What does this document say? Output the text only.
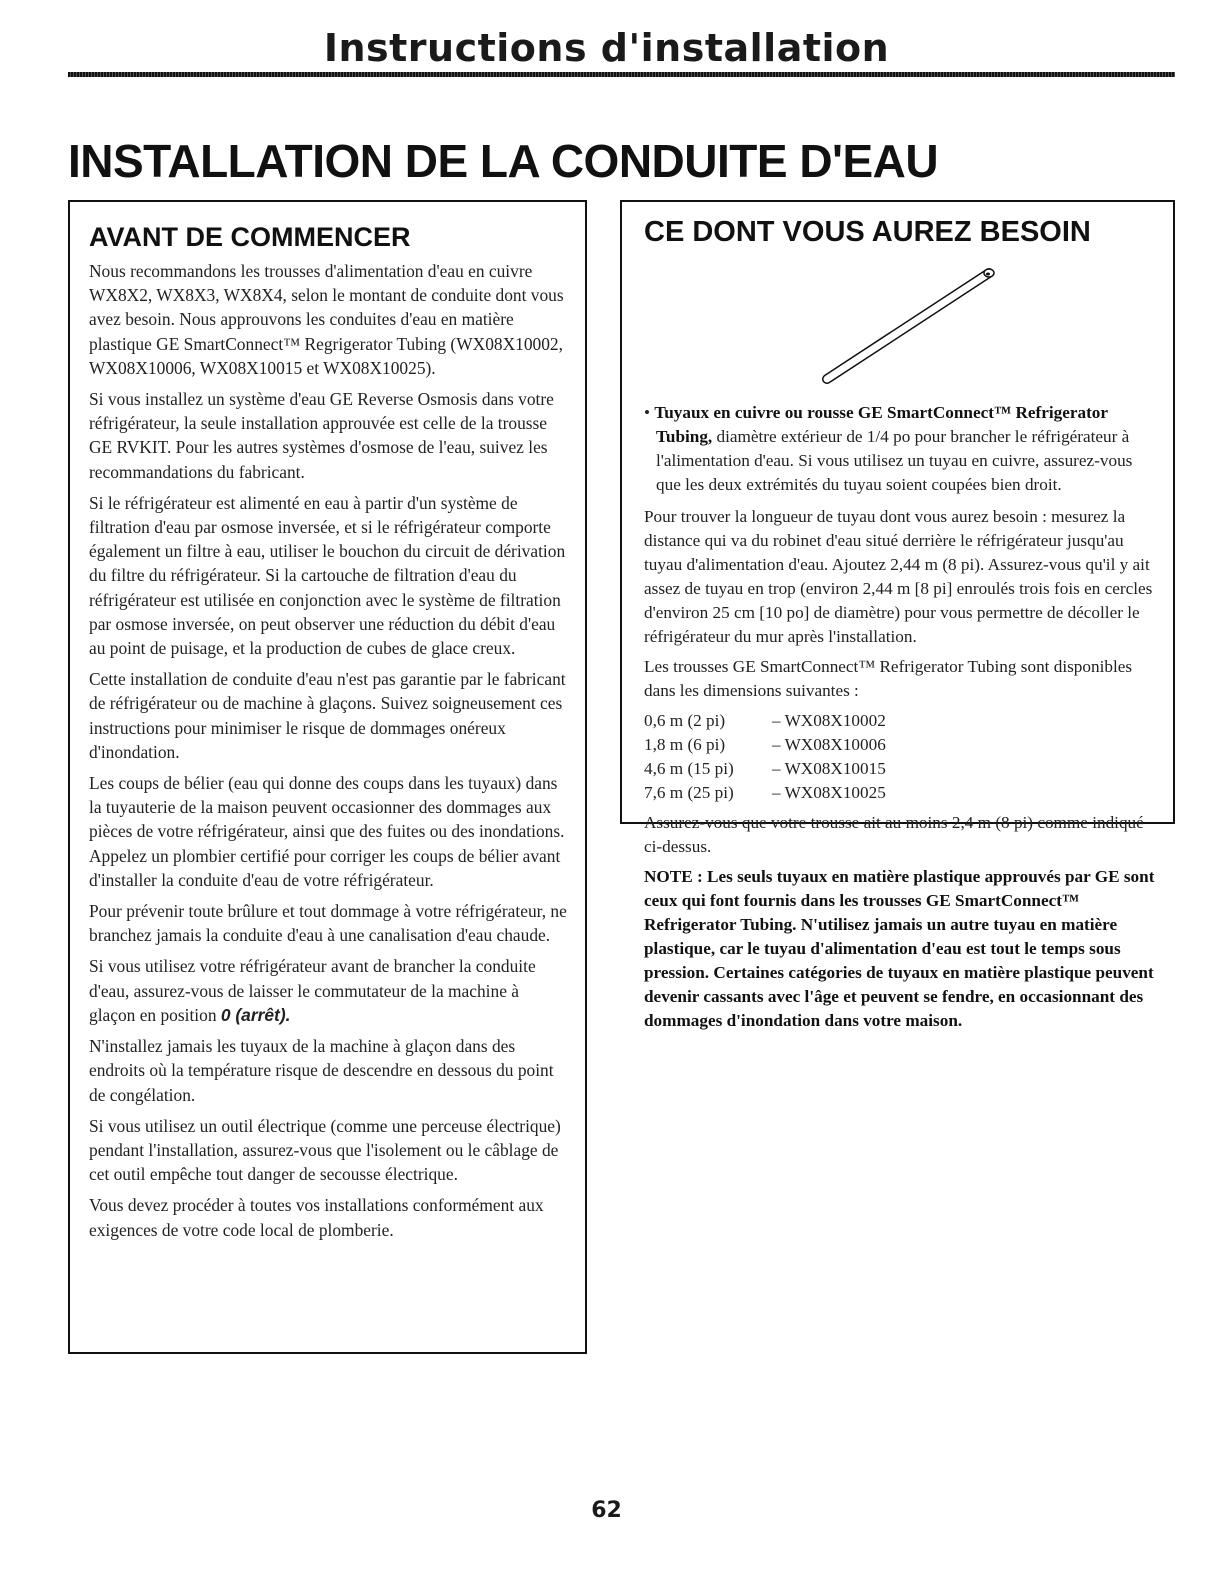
Instructions d'installation
INSTALLATION DE LA CONDUITE D'EAU
AVANT DE COMMENCER

Nous recommandons les trousses d'alimentation d'eau en cuivre WX8X2, WX8X3, WX8X4, selon le montant de conduite dont vous avez besoin. Nous approuvons les conduites d'eau en matière plastique GE SmartConnect™ Regrigerator Tubing (WX08X10002, WX08X10006, WX08X10015 et WX08X10025).

Si vous installez un système d'eau GE Reverse Osmosis dans votre réfrigérateur, la seule installation approuvée est celle de la trousse GE RVKIT. Pour les autres systèmes d'osmose de l'eau, suivez les recommandations du fabricant.

Si le réfrigérateur est alimenté en eau à partir d'un système de filtration d'eau par osmose inversée, et si le réfrigérateur comporte également un filtre à eau, utiliser le bouchon du circuit de dérivation du filtre du réfrigérateur. Si la cartouche de filtration d'eau du réfrigérateur est utilisée en conjonction avec le système de filtration par osmose inversée, on peut observer une réduction du débit d'eau au point de puisage, et la production de cubes de glace creux.

Cette installation de conduite d'eau n'est pas garantie par le fabricant de réfrigérateur ou de machine à glaçons. Suivez soigneusement ces instructions pour minimiser le risque de dommages onéreux d'inondation.

Les coups de bélier (eau qui donne des coups dans les tuyaux) dans la tuyauterie de la maison peuvent occasionner des dommages aux pièces de votre réfrigérateur, ainsi que des fuites ou des inondations. Appelez un plombier certifié pour corriger les coups de bélier avant d'installer la conduite d'eau de votre réfrigérateur.

Pour prévenir toute brûlure et tout dommage à votre réfrigérateur, ne branchez jamais la conduite d'eau à une canalisation d'eau chaude.

Si vous utilisez votre réfrigérateur avant de brancher la conduite d'eau, assurez-vous de laisser le commutateur de la machine à glaçon en position 0 (arrêt).

N'installez jamais les tuyaux de la machine à glaçon dans des endroits où la température risque de descendre en dessous du point de congélation.

Si vous utilisez un outil électrique (comme une perceuse électrique) pendant l'installation, assurez-vous que l'isolement ou le câblage de cet outil empêche tout danger de secousse électrique.

Vous devez procéder à toutes vos installations conformément aux exigences de votre code local de plomberie.

CE DONT VOUS AUREZ BESOIN
• Tuyaux en cuivre ou rousse GE SmartConnect™ Refrigerator Tubing, diamètre extérieur de 1/4 po pour brancher le réfrigérateur à l'alimentation d'eau. Si vous utilisez un tuyau en cuivre, assurez-vous que les deux extrémités du tuyau soient coupées bien droit.

Pour trouver la longueur de tuyau dont vous aurez besoin : mesurez la distance qui va du robinet d'eau situé derrière le réfrigérateur jusqu'au tuyau d'alimentation d'eau. Ajoutez 2,44 m (8 pi). Assurez-vous qu'il y ait assez de tuyau en trop (environ 2,44 m [8 pi] enroulés trois fois en cercles d'environ 25 cm [10 po] de diamètre) pour vous permettre de décoller le réfrigérateur du mur après l'installation.

Les trousses GE SmartConnect™ Refrigerator Tubing sont disponibles dans les dimensions suivantes :

0,6 m (2 pi)	– WX08X10002
1,8 m (6 pi)	– WX08X10006
4,6 m (15 pi)	– WX08X10015
7,6 m (25 pi)	– WX08X10025

Assurez-vous que votre trousse ait au moins 2,4 m (8 pi) comme indiqué ci-dessus.

NOTE : Les seuls tuyaux en matière plastique approuvés par GE sont ceux qui font fournis dans les trousses GE SmartConnect™ Refrigerator Tubing. N'utilisez jamais un autre tuyau en matière plastique, car le tuyau d'alimentation d'eau est tout le temps sous pression. Certaines catégories de tuyaux en matière plastique peuvent devenir cassants avec l'âge et peuvent se fendre, en occasionnant des dommages d'inondation dans votre maison.

62
